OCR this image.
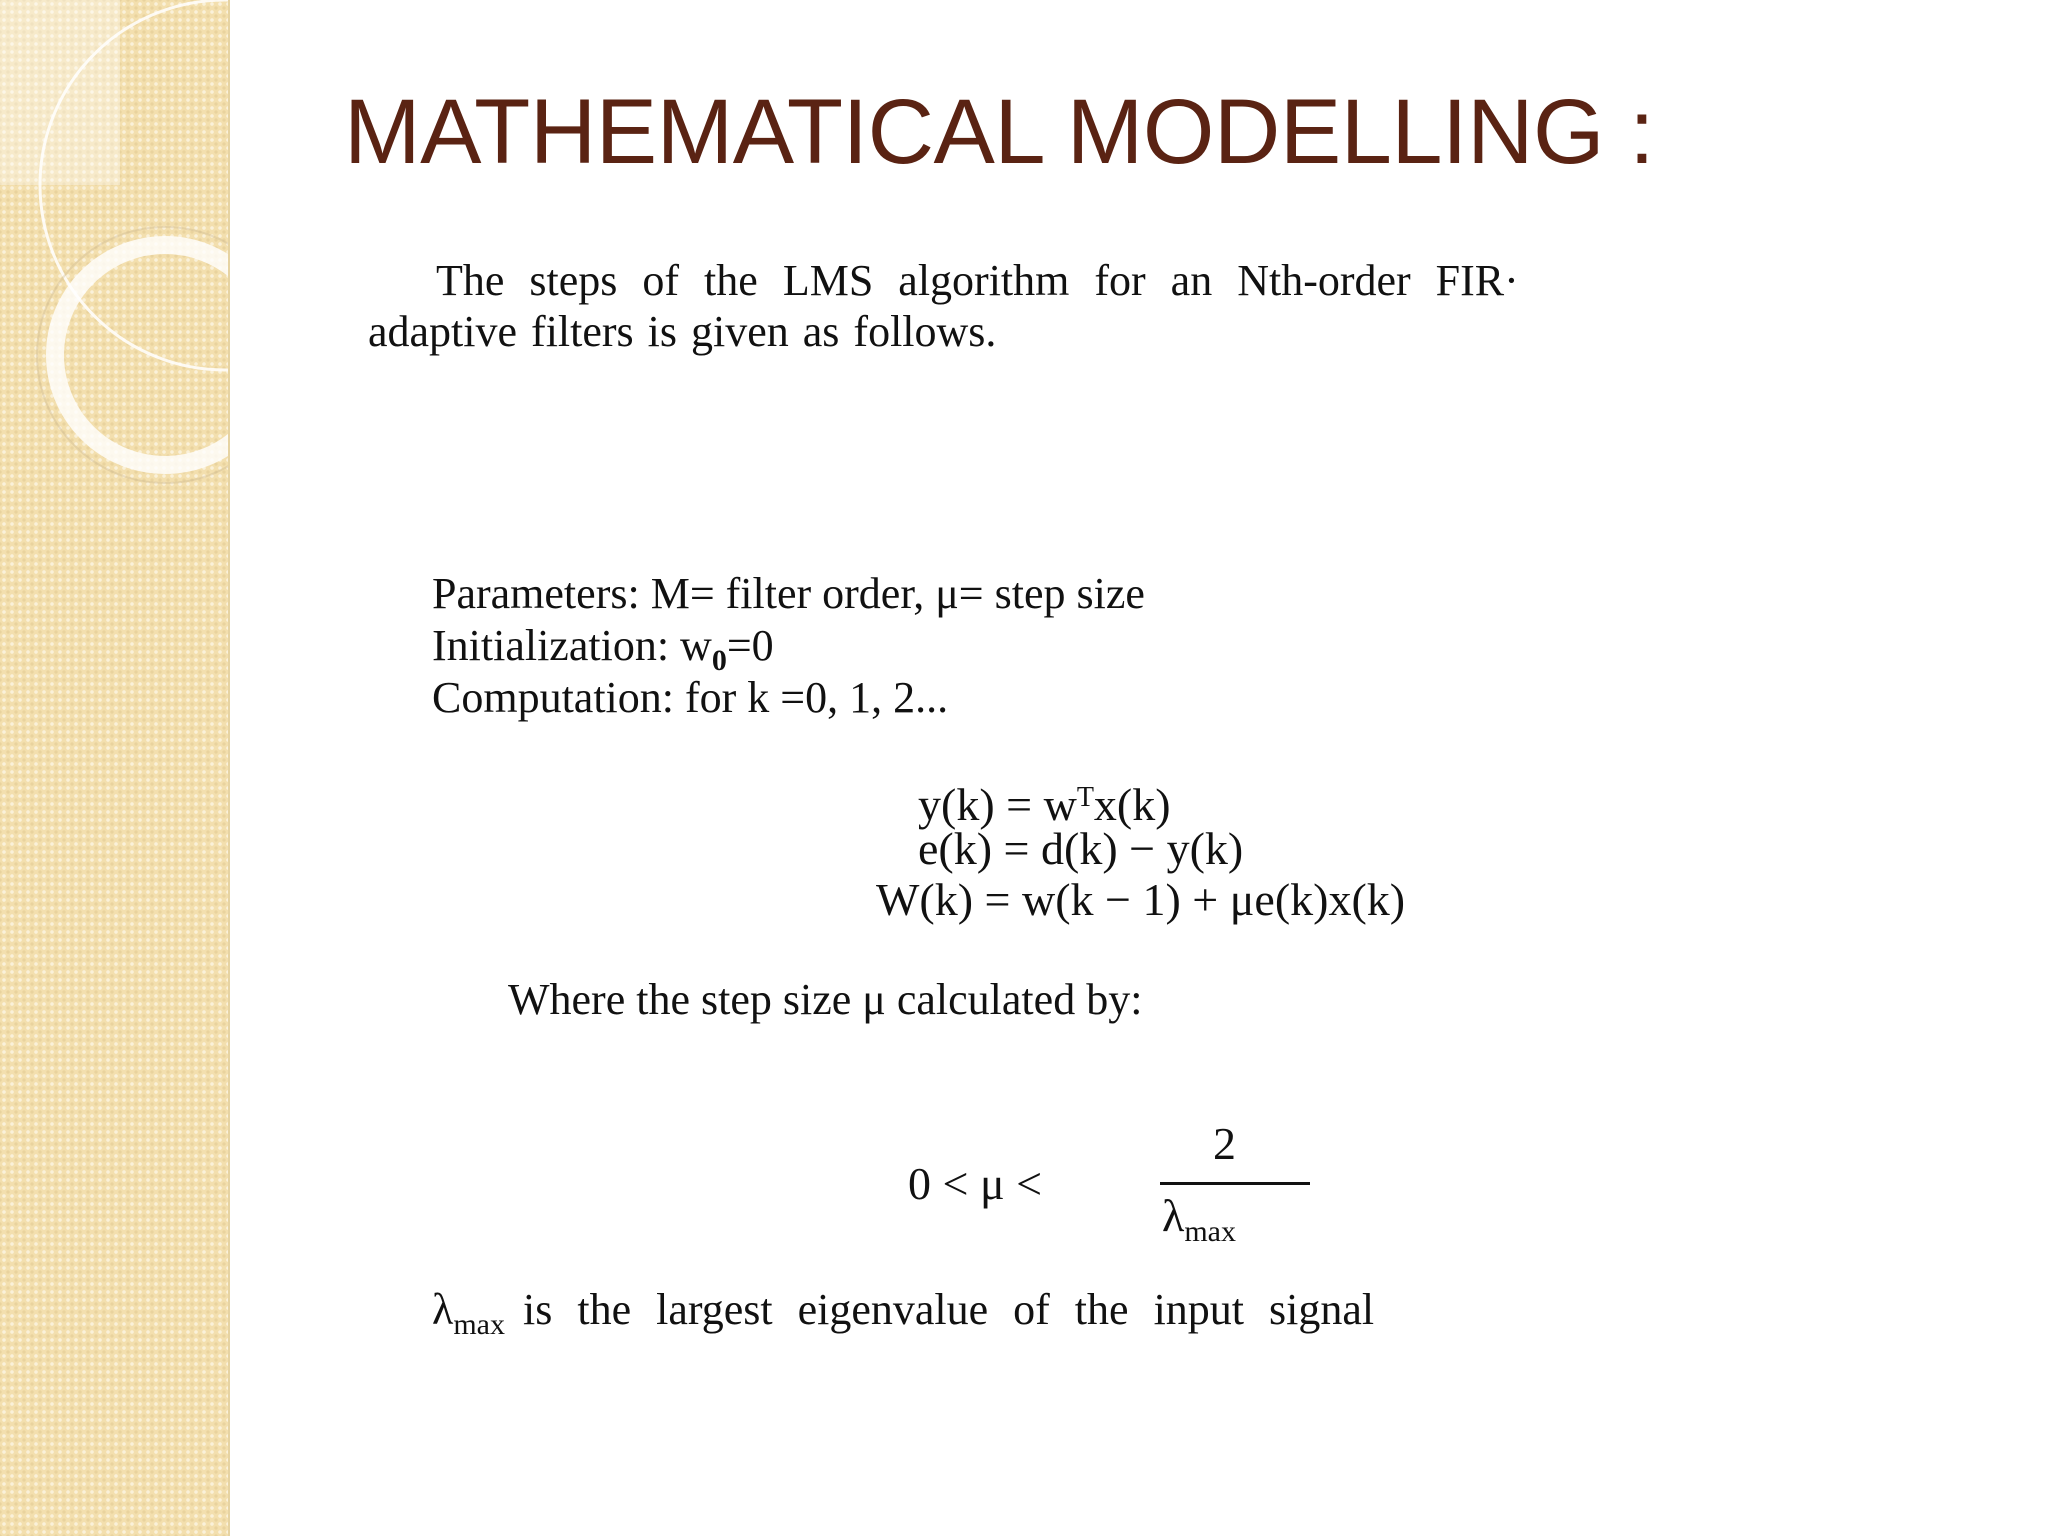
MATHEMATICAL MODELLING :
The steps of the LMS algorithm for an Nth-order FIR·
adaptive filters is given as follows.
Parameters: M= filter order, μ= step size
Initialization: $w_0=0$
Computation: for k =0, 1, 2...
$y(k) = w^Tx(k)$
e(k) = d(k) − y(k)
W(k) = w(k − 1) + μe(k)x(k)
Where the step size μ calculated by:
0 < μ <
2
$\lambda_{max}$
$\lambda_{max}$ is the largest eigenvalue of the input signal
